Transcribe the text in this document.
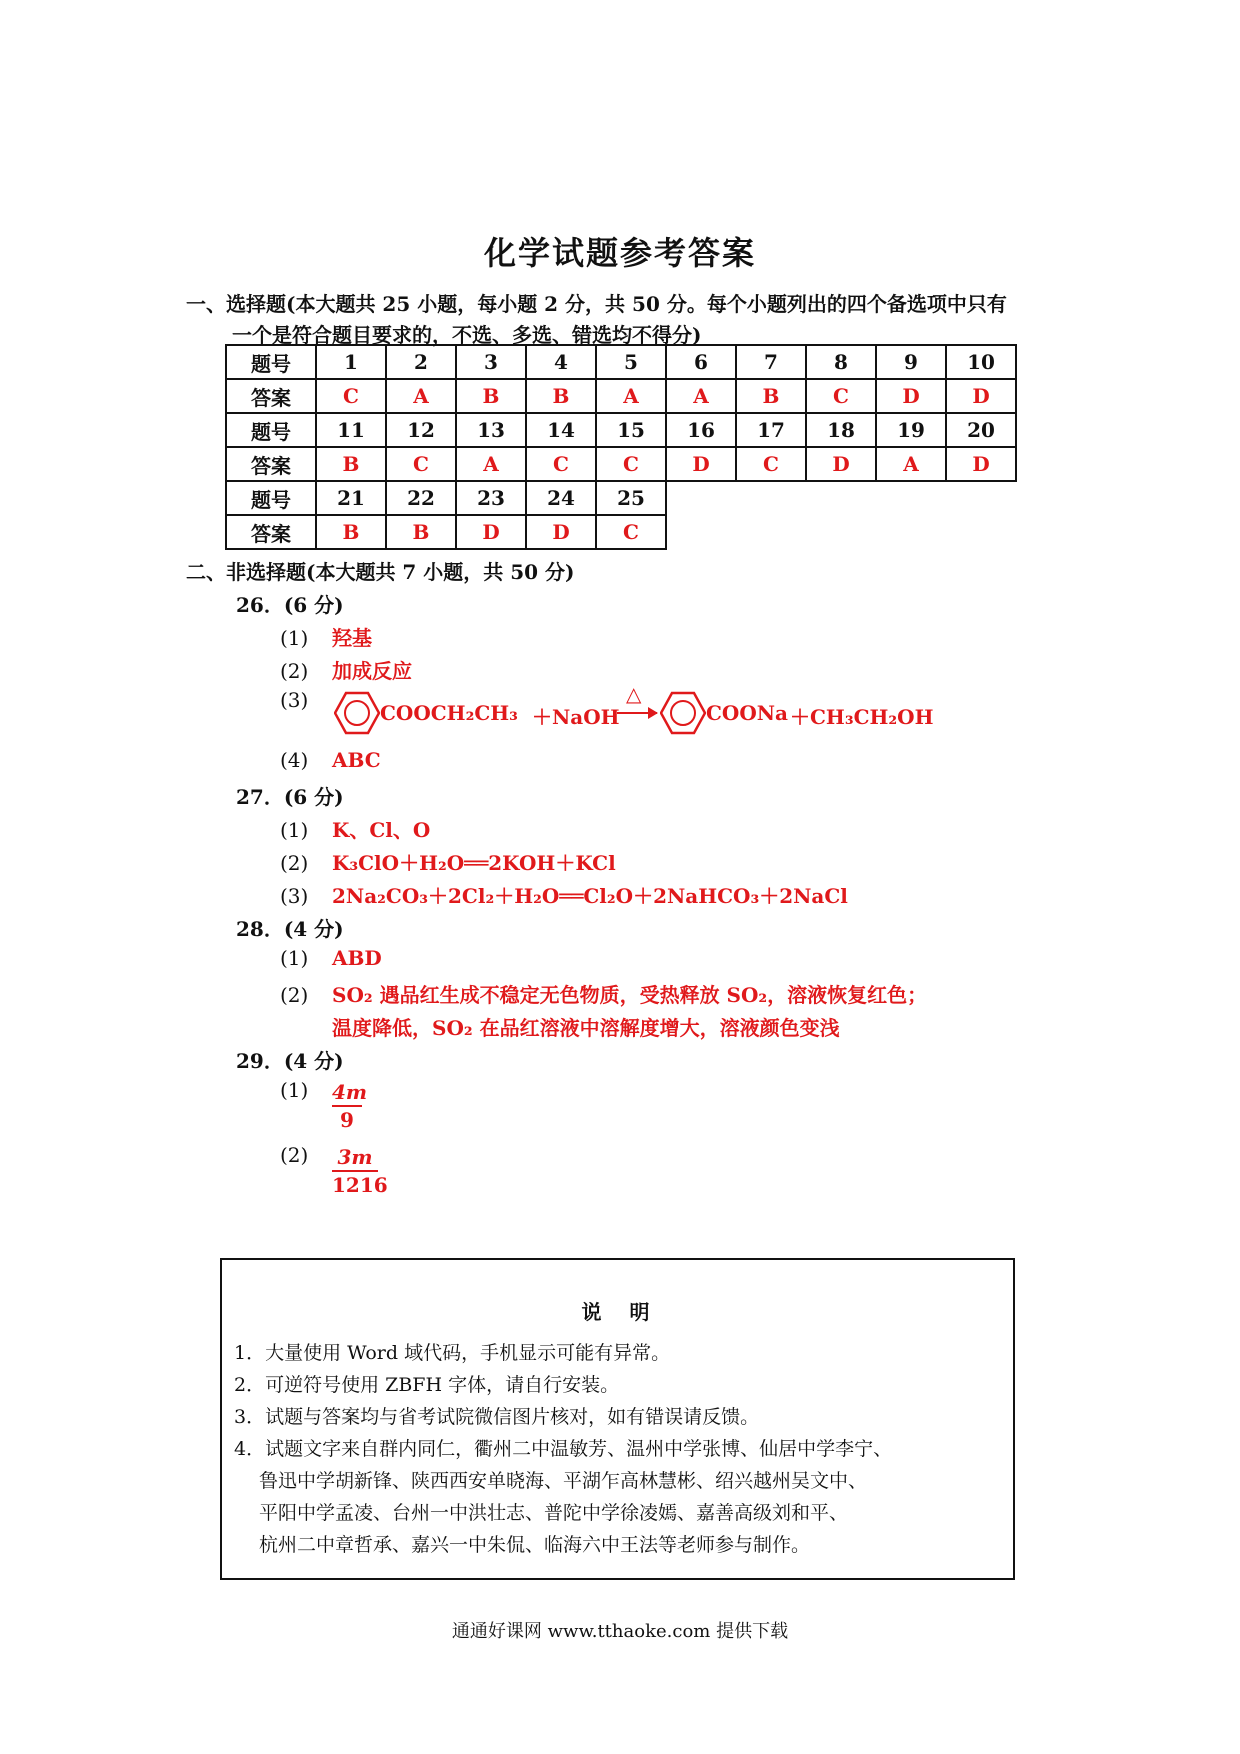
化学试题参考答案
一、选择题(本大题共 25 小题，每小题 2 分，共 50 分。每个小题列出的四个备选项中只有
一个是符合题目要求的，不选、多选、错选均不得分)
题号	1	2	3	4	5	6	7	8	9	10
答案	C	A	B	B	A	A	B	C	D	D
题号	11	12	13	14	15	16	17	18	19	20
答案	B	C	A	C	C	D	C	D	A	D
题号	21	22	23	24	25					
答案	B	B	D	D	C					
二、非选择题(本大题共 7 小题，共 50 分)
26．(6 分)
(1) 羟基
(2) 加成反应
(3)
COOCH₂CH₃ ＋NaOH
△
COONa ＋CH₃CH₂OH
(4) ABC
27．(6 分)
(1) K、Cl、O
(2) K₃ClO＋H₂O══2KOH＋KCl
(3) 2Na₂CO₃＋2Cl₂＋H₂O══Cl₂O＋2NaHCO₃＋2NaCl
28．(4 分)
(1) ABD
(2) SO₂ 遇品红生成不稳定无色物质，受热释放 SO₂，溶液恢复红色；
温度降低，SO₂ 在品红溶液中溶解度增大，溶液颜色变浅
29．(4 分)
(1) 4m
9
(2) 3m
1216
说　明
1．大量使用 Word 域代码，手机显示可能有异常。
2．可逆符号使用 ZBFH 字体，请自行安装。
3．试题与答案均与省考试院微信图片核对，如有错误请反馈。
4．试题文字来自群内同仁，衢州二中温敏芳、温州中学张博、仙居中学李宁、
　 鲁迅中学胡新锋、陕西西安单晓海、平湖乍高林慧彬、绍兴越州吴文中、
　 平阳中学孟凌、台州一中洪壮志、普陀中学徐凌嫣、嘉善高级刘和平、
　 杭州二中章哲承、嘉兴一中朱侃、临海六中王法等老师参与制作。
通通好课网 www.tthaoke.com 提供下载
